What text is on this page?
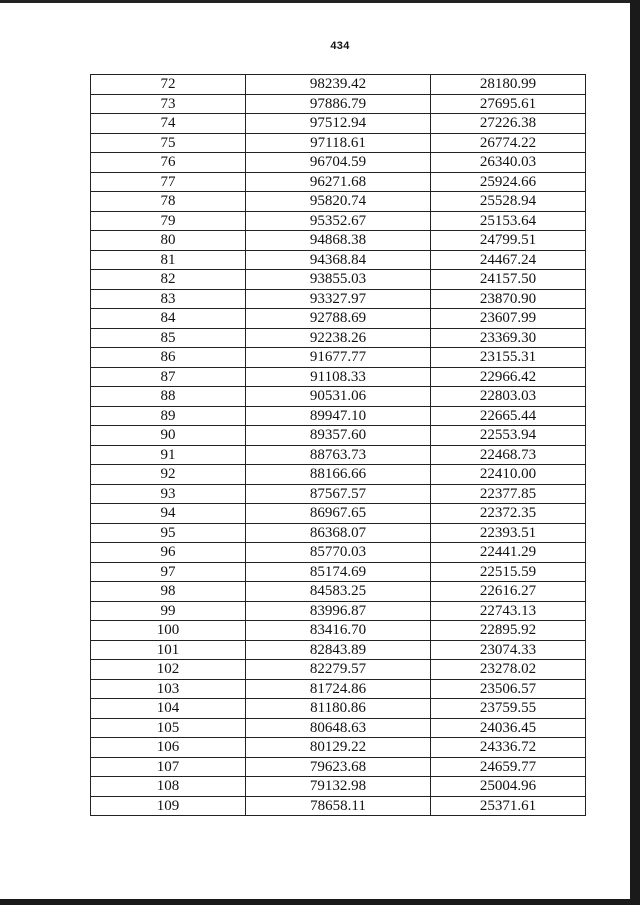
434
72	98239.42	28180.99
73	97886.79	27695.61
74	97512.94	27226.38
75	97118.61	26774.22
76	96704.59	26340.03
77	96271.68	25924.66
78	95820.74	25528.94
79	95352.67	25153.64
80	94868.38	24799.51
81	94368.84	24467.24
82	93855.03	24157.50
83	93327.97	23870.90
84	92788.69	23607.99
85	92238.26	23369.30
86	91677.77	23155.31
87	91108.33	22966.42
88	90531.06	22803.03
89	89947.10	22665.44
90	89357.60	22553.94
91	88763.73	22468.73
92	88166.66	22410.00
93	87567.57	22377.85
94	86967.65	22372.35
95	86368.07	22393.51
96	85770.03	22441.29
97	85174.69	22515.59
98	84583.25	22616.27
99	83996.87	22743.13
100	83416.70	22895.92
101	82843.89	23074.33
102	82279.57	23278.02
103	81724.86	23506.57
104	81180.86	23759.55
105	80648.63	24036.45
106	80129.22	24336.72
107	79623.68	24659.77
108	79132.98	25004.96
109	78658.11	25371.61
